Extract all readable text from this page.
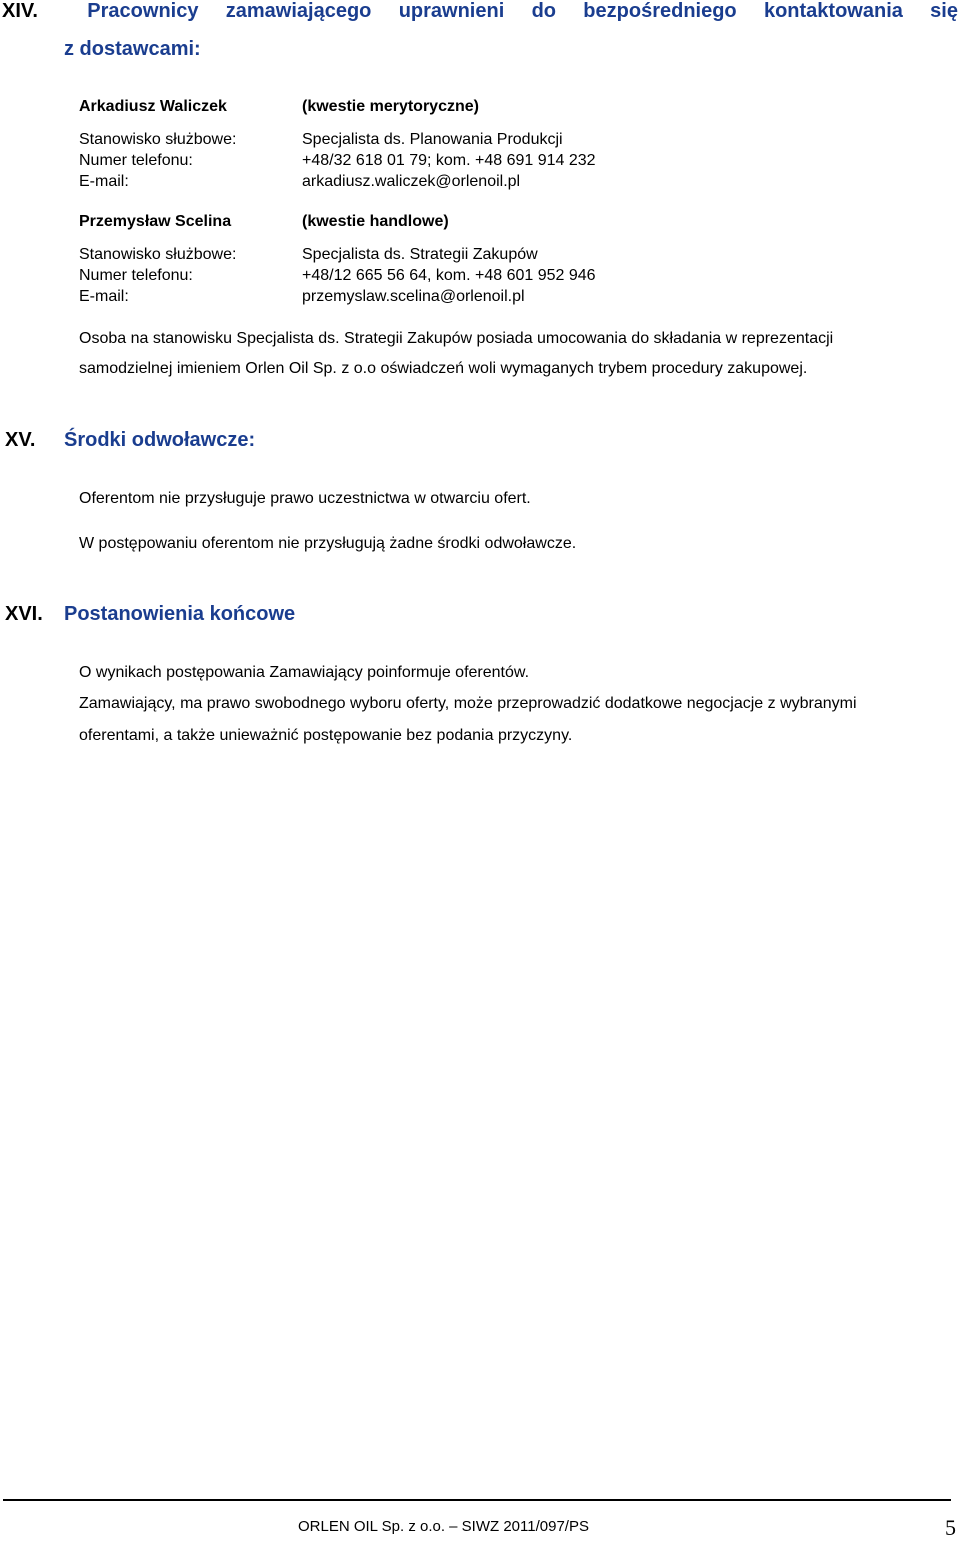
XIV.	Pracownicy zamawiającego uprawnieni do bezpośredniego kontaktowania się
z dostawcami:
Arkadiusz Waliczek	(kwestie merytoryczne)
Stanowisko służbowe:	Specjalista ds. Planowania Produkcji
Numer telefonu:	+48/32 618 01 79; kom. +48 691 914 232
E-mail:	arkadiusz.waliczek@orlenoil.pl
Przemysław Scelina	(kwestie handlowe)
Stanowisko służbowe:	Specjalista ds. Strategii Zakupów
Numer telefonu:	+48/12 665 56 64, kom. +48 601 952 946
E-mail:	przemyslaw.scelina@orlenoil.pl
Osoba na stanowisku Specjalista ds. Strategii Zakupów posiada umocowania do składania w reprezentacji
samodzielnej imieniem Orlen Oil Sp. z o.o oświadczeń woli wymaganych trybem procedury zakupowej.
XV. Środki odwoławcze:
Oferentom nie przysługuje prawo uczestnictwa w otwarciu ofert.
W postępowaniu oferentom nie przysługują żadne środki odwoławcze.
XVI. Postanowienia końcowe
O wynikach postępowania Zamawiający poinformuje oferentów.
Zamawiający, ma prawo swobodnego wyboru oferty, może przeprowadzić dodatkowe negocjacje z wybranymi
oferentami, a także unieważnić postępowanie bez podania przyczyny.
ORLEN OIL Sp. z o.o. – SIWZ 2011/097/PS	5
